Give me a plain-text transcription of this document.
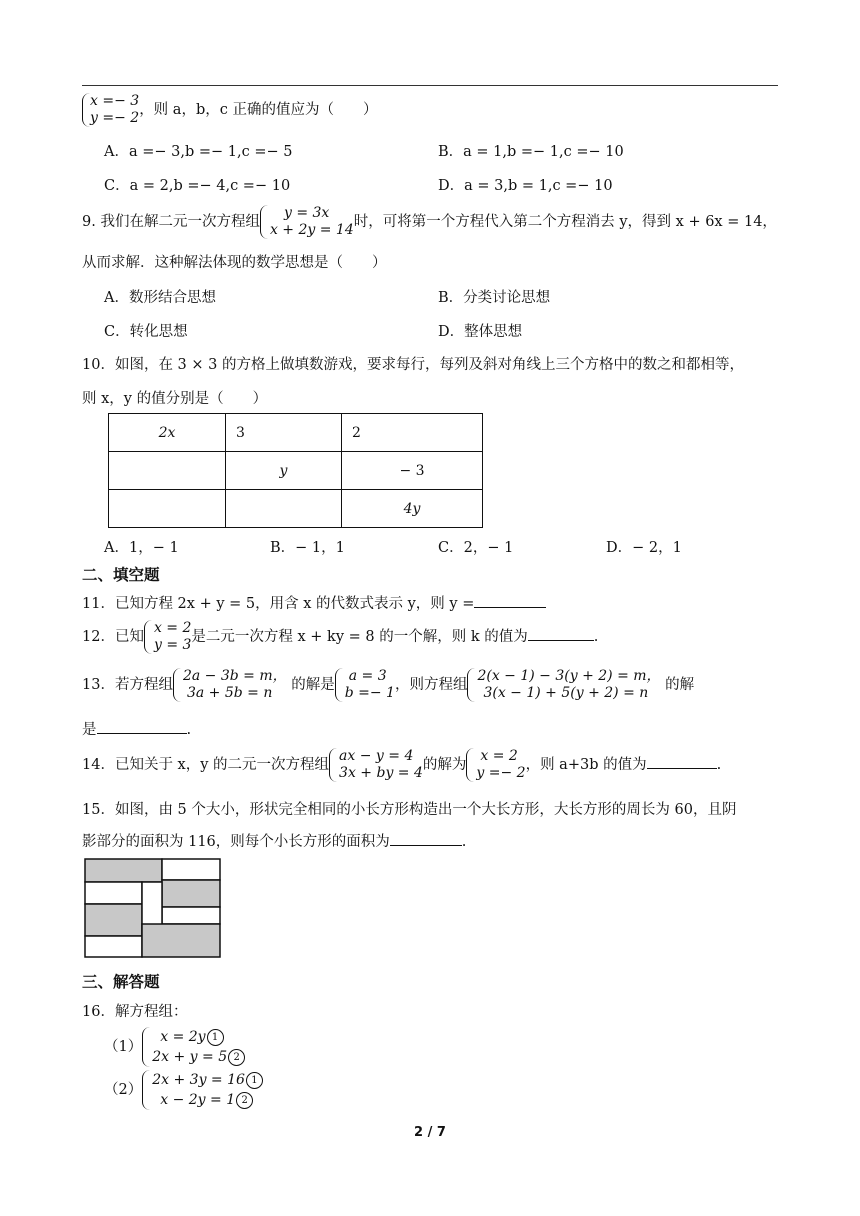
x =− 3
y =− 2 ，则 a，b，c 正确的值应为（　　）
A．a =− 3,b =− 1,c =− 5	B．a = 1,b =− 1,c =− 10
C．a = 2,b =− 4,c =− 10	D．a = 3,b = 1,c =− 10
9. 我们在解二元一次方程组
y = 3x
x + 2y = 14 时，可将第一个方程代入第二个方程消去 y，得到 x + 6x = 14，
从而求解．这种解法体现的数学思想是（　　）
A．数形结合思想	B．分类讨论思想
C．转化思想	D．整体思想
10．如图，在 3 × 3 的方格上做填数游戏，要求每行，每列及斜对角线上三个方格中的数之和都相等，
则 x，y 的值分别是（　　）
2x	3	2
	y	− 3
		4y
A．1，− 1	B．− 1，1	C．2，− 1	D．− 2，1
二、填空题
11．已知方程 2x + y = 5，用含 x 的代数式表示 y，则 y =
12．已知
x = 2
y = 3 是二元一次方程 x + ky = 8 的一个解，则 k 的值为	.
13．若方程组
2a − 3b = m，
3a + 5b = n 的解是
a = 3
b =− 1 ，则方程组
2(x − 1) − 3(y + 2) = m，
3(x − 1) + 5(y + 2) = n 的解
是	.
14．已知关于 x，y 的二元一次方程组
ax − y = 4
3x + by = 4 的解为
x = 2
y =− 2 ，则 a+3b 的值为	.
15．如图，由 5 个大小，形状完全相同的小长方形构造出一个大长方形，大长方形的周长为 60，且阴
影部分的面积为 116，则每个小长方形的面积为	.
三、解答题
16．解方程组：
（1）
x = 2y 1
2x + y = 5 2
（2）
2x + 3y = 16 1
x − 2y = 1 2
2 / 7
